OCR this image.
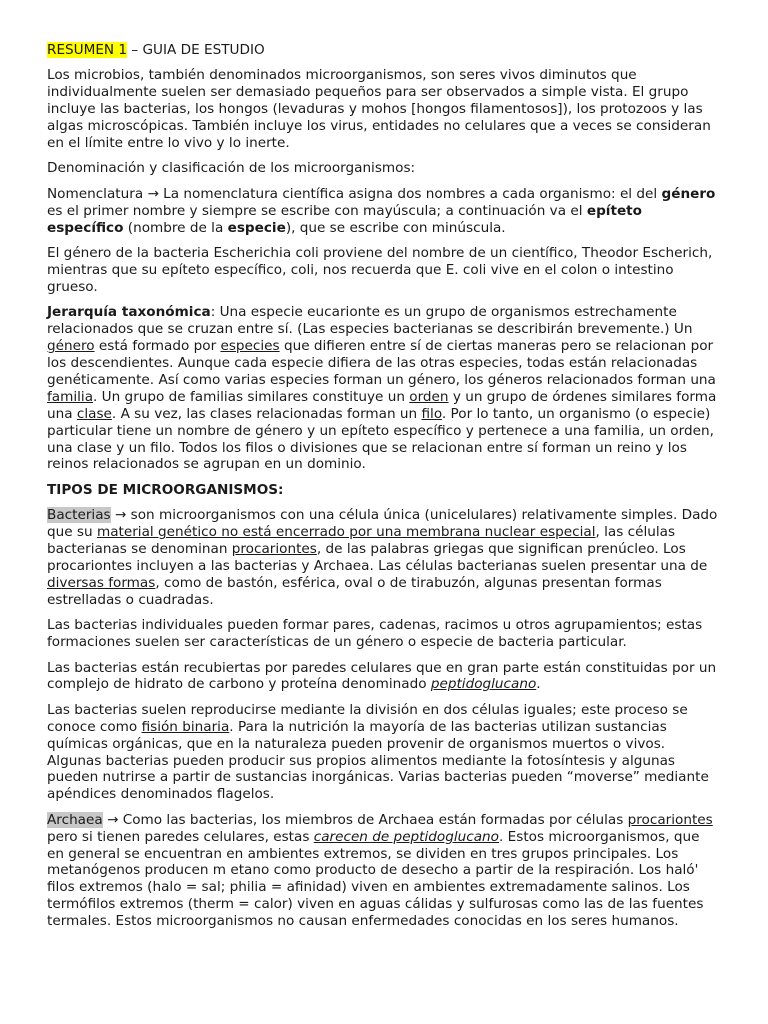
RESUMEN 1 – GUIA DE ESTUDIO

Los microbios, también denominados microorganismos, son seres vivos diminutos que individualmente suelen ser demasiado pequeños para ser observados a simple vista. El grupo incluye las bacterias, los hongos (levaduras y mohos [hongos filamentosos]), los protozoos y las algas microscópicas. También incluye los virus, entidades no celulares que a veces se consideran en el límite entre lo vivo y lo inerte.

Denominación y clasificación de los microorganismos:

Nomenclatura → La nomenclatura científica asigna dos nombres a cada organismo: el del género es el primer nombre y siempre se escribe con mayúscula; a continuación va el epíteto específico (nombre de la especie), que se escribe con minúscula.

El género de la bacteria Escherichia coli proviene del nombre de un científico, Theodor Escherich, mientras que su epíteto específico, coli, nos recuerda que E. coli vive en el colon o intestino grueso.

Jerarquía taxonómica: Una especie eucarionte es un grupo de organismos estrechamente relacionados que se cruzan entre sí. (Las especies bacterianas se describirán brevemente.) Un género está formado por especies que difieren entre sí de ciertas maneras pero se relacionan por los descendientes. Aunque cada especie difiera de las otras especies, todas están relacionadas genéticamente. Así como varias especies forman un género, los géneros relacionados forman una familia. Un grupo de familias similares constituye un orden y un grupo de órdenes similares forma una clase. A su vez, las clases relacionadas forman un filo. Por lo tanto, un organismo (o especie) particular tiene un nombre de género y un epíteto específico y pertenece a una familia, un orden, una clase y un filo. Todos los filos o divisiones que se relacionan entre sí forman un reino y los reinos relacionados se agrupan en un dominio.

TIPOS DE MICROORGANISMOS:

Bacterias → son microorganismos con una célula única (unicelulares) relativamente simples. Dado que su material genético no está encerrado por una membrana nuclear especial, las células bacterianas se denominan procariontes, de las palabras griegas que significan prenúcleo. Los procariontes incluyen a las bacterias y Archaea. Las células bacterianas suelen presentar una de diversas formas, como de bastón, esférica, oval o de tirabuzón, algunas presentan formas estrelladas o cuadradas.

Las bacterias individuales pueden formar pares, cadenas, racimos u otros agrupamientos; estas formaciones suelen ser características de un género o especie de bacteria particular.

Las bacterias están recubiertas por paredes celulares que en gran parte están constituidas por un complejo de hidrato de carbono y proteína denominado peptidoglucano.

Las bacterias suelen reproducirse mediante la división en dos células iguales; este proceso se conoce como fisión binaria. Para la nutrición la mayoría de las bacterias utilizan sustancias químicas orgánicas, que en la naturaleza pueden provenir de organismos muertos o vivos. Algunas bacterias pueden producir sus propios alimentos mediante la fotosíntesis y algunas pueden nutrirse a partir de sustancias inorgánicas. Varias bacterias pueden “moverse” mediante apéndices denominados flagelos.

Archaea → Como las bacterias, los miembros de Archaea están formadas por células procariontes pero si tienen paredes celulares, estas carecen de peptidoglucano. Estos microorganismos, que en general se encuentran en ambientes extremos, se dividen en tres grupos principales. Los metanógenos producen m etano como producto de desecho a partir de la respiración. Los haló' filos extremos (halo = sal; philia = afinidad) viven en ambientes extremadamente salinos. Los termófilos extremos (therm = calor) viven en aguas cálidas y sulfurosas como las de las fuentes termales. Estos microorganismos no causan enfermedades conocidas en los seres humanos.
